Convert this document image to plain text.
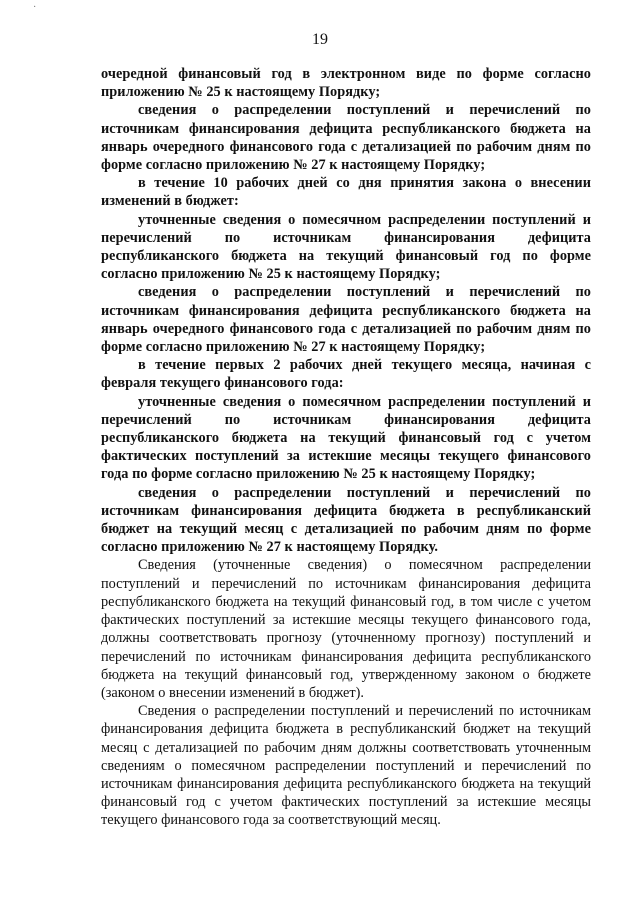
·
19

очередной финансовый год в электронном виде по форме согласно приложению № 25 к настоящему Порядку;

сведения о распределении поступлений и перечислений по источникам финансирования дефицита республиканского бюджета на январь очередного финансового года с детализацией по рабочим дням по форме согласно приложению № 27 к настоящему Порядку;

в течение 10 рабочих дней со дня принятия закона о внесении изменений в бюджет:

уточненные сведения о помесячном распределении поступлений и перечислений по источникам финансирования дефицита республиканского бюджета на текущий финансовый год по форме согласно приложению № 25 к настоящему Порядку;

сведения о распределении поступлений и перечислений по источникам финансирования дефицита республиканского бюджета на январь очередного финансового года с детализацией по рабочим дням по форме согласно приложению № 27 к настоящему Порядку;

в течение первых 2 рабочих дней текущего месяца, начиная с февраля текущего финансового года:

уточненные сведения о помесячном распределении поступлений и перечислений по источникам финансирования дефицита республиканского бюджета на текущий финансовый год с учетом фактических поступлений за истекшие месяцы текущего финансового года по форме согласно приложению № 25 к настоящему Порядку;

сведения о распределении поступлений и перечислений по источникам финансирования дефицита бюджета в республиканский бюджет на текущий месяц с детализацией по рабочим дням по форме согласно приложению № 27 к настоящему Порядку.

Сведения (уточненные сведения) о помесячном распределении поступлений и перечислений по источникам финансирования дефицита республиканского бюджета на текущий финансовый год, в том числе с учетом фактических поступлений за истекшие месяцы текущего финансового года, должны соответствовать прогнозу (уточненному прогнозу) поступлений и перечислений по источникам финансирования дефицита республиканского бюджета на текущий финансовый год, утвержденному законом о бюджете (законом о внесении изменений в бюджет).

Сведения о распределении поступлений и перечислений по источникам финансирования дефицита бюджета в республиканский бюджет на текущий месяц с детализацией по рабочим дням должны соответствовать уточненным сведениям о помесячном распределении поступлений и перечислений по источникам финансирования дефицита республиканского бюджета на текущий финансовый год с учетом фактических поступлений за истекшие месяцы текущего финансового года за соответствующий месяц.
